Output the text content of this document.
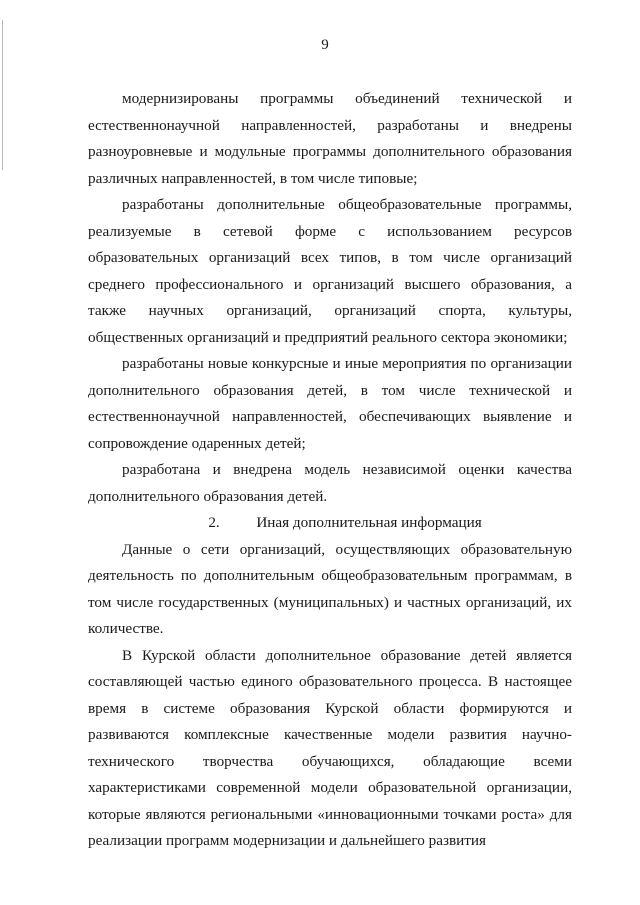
9

модернизированы программы объединений технической и естественнонаучной направленностей, разработаны и внедрены разноуровневые и модульные программы дополнительного образования различных направленностей, в том числе типовые;

разработаны дополнительные общеобразовательные программы, реализуемые в сетевой форме с использованием ресурсов образовательных организаций всех типов, в том числе организаций среднего профессионального и организаций высшего образования, а также научных организаций, организаций спорта, культуры, общественных организаций и предприятий реального сектора экономики;

разработаны новые конкурсные и иные мероприятия по организации дополнительного образования детей, в том числе технической и естественнонаучной направленностей, обеспечивающих выявление и сопровождение одаренных детей;

разработана и внедрена модель независимой оценки качества дополнительного образования детей.

2. Иная дополнительная информация

Данные о сети организаций, осуществляющих образовательную деятельность по дополнительным общеобразовательным программам, в том числе государственных (муниципальных) и частных организаций, их количестве.

В Курской области дополнительное образование детей является составляющей частью единого образовательного процесса. В настоящее время в системе образования Курской области формируются и развиваются комплексные качественные модели развития научно-технического творчества обучающихся, обладающие всеми характеристиками современной модели образовательной организации, которые являются региональными «инновационными точками роста» для реализации программ модернизации и дальнейшего развития
